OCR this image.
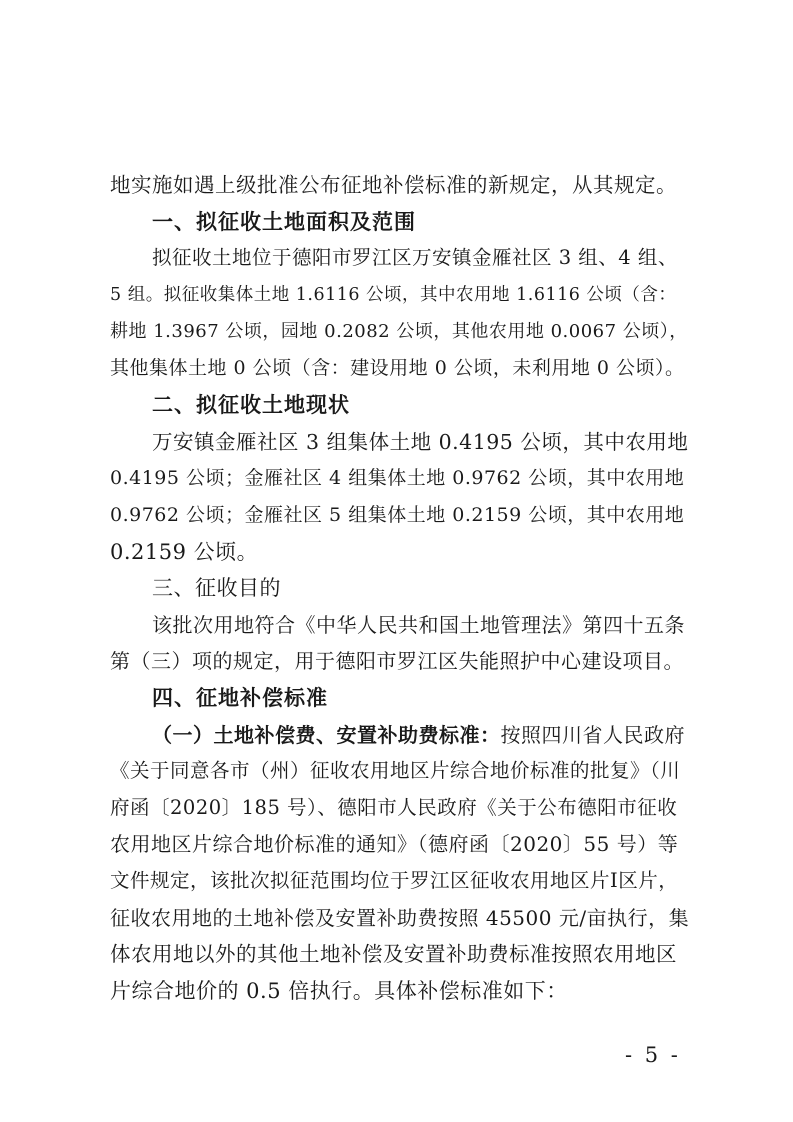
地实施如遇上级批准公布征地补偿标准的新规定，从其规定。
一、拟征收土地面积及范围
拟征收土地位于德阳市罗江区万安镇金雁社区 3 组、4 组、
5 组。拟征收集体土地 1.6116 公顷，其中农用地 1.6116 公顷（含：
耕地 1.3967 公顷，园地 0.2082 公顷，其他农用地 0.0067 公顷），
其他集体土地 0 公顷（含：建设用地 0 公顷，未利用地 0 公顷）。
二、拟征收土地现状
万安镇金雁社区 3 组集体土地 0.4195 公顷，其中农用地
0.4195 公顷；金雁社区 4 组集体土地 0.9762 公顷，其中农用地
0.9762 公顷；金雁社区 5 组集体土地 0.2159 公顷，其中农用地
0.2159 公顷。
三、征收目的
该批次用地符合《中华人民共和国土地管理法》第四十五条
第（三）项的规定，用于德阳市罗江区失能照护中心建设项目。
四、征地补偿标准
（一）土地补偿费、安置补助费标准：按照四川省人民政府
《关于同意各市（州）征收农用地区片综合地价标准的批复》（川
府函〔2020〕185 号）、德阳市人民政府《关于公布德阳市征收
农用地区片综合地价标准的通知》（德府函〔2020〕55 号）等
文件规定，该批次拟征范围均位于罗江区征收农用地区片Ⅰ区片，
征收农用地的土地补偿及安置补助费按照 45500 元/亩执行，集
体农用地以外的其他土地补偿及安置补助费标准按照农用地区
片综合地价的 0.5 倍执行。具体补偿标准如下：
- 5 -
